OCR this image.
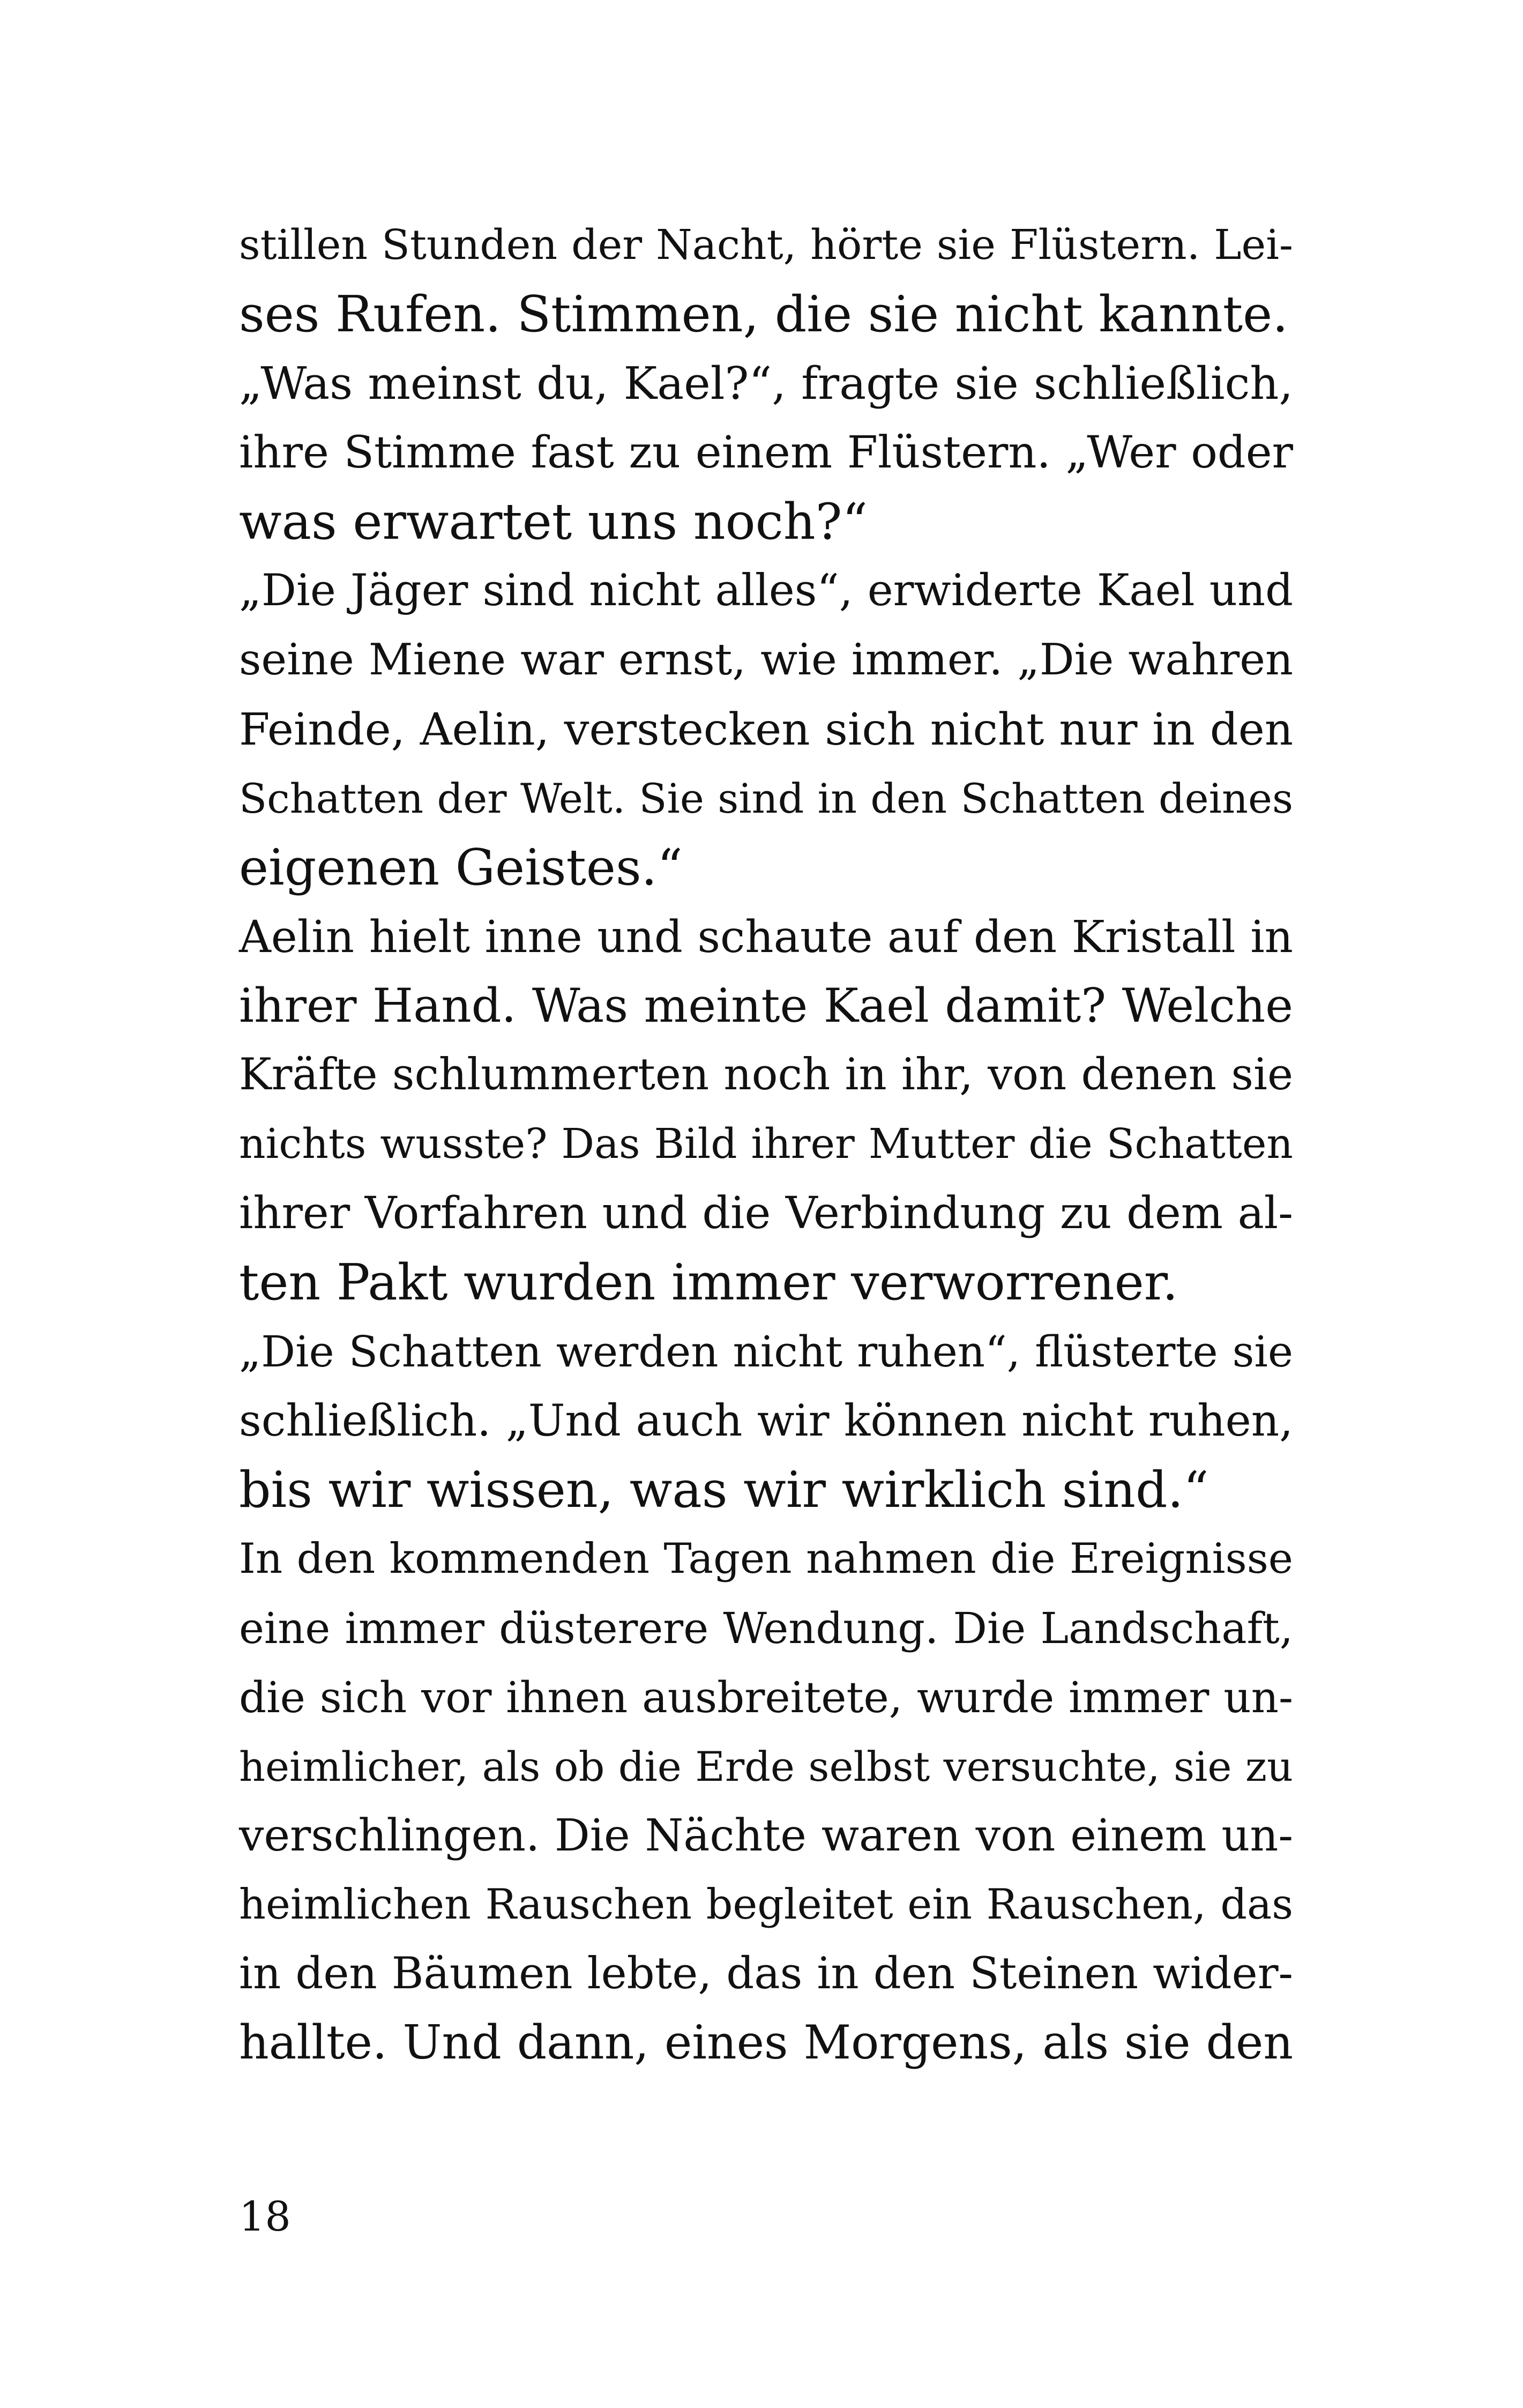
stillen Stunden der Nacht, hörte sie Flüstern. Lei-
ses Rufen. Stimmen, die sie nicht kannte.
„Was meinst du, Kael?“, fragte sie schließlich,
ihre Stimme fast zu einem Flüstern. „Wer oder
was erwartet uns noch?“
„Die Jäger sind nicht alles“, erwiderte Kael und
seine Miene war ernst, wie immer. „Die wahren
Feinde, Aelin, verstecken sich nicht nur in den
Schatten der Welt. Sie sind in den Schatten deines
eigenen Geistes.“
Aelin hielt inne und schaute auf den Kristall in
ihrer Hand. Was meinte Kael damit? Welche
Kräfte schlummerten noch in ihr, von denen sie
nichts wusste? Das Bild ihrer Mutter die Schatten
ihrer Vorfahren und die Verbindung zu dem al-
ten Pakt wurden immer verworrener.
„Die Schatten werden nicht ruhen“, flüsterte sie
schließlich. „Und auch wir können nicht ruhen,
bis wir wissen, was wir wirklich sind.“
In den kommenden Tagen nahmen die Ereignisse
eine immer düsterere Wendung. Die Landschaft,
die sich vor ihnen ausbreitete, wurde immer un-
heimlicher, als ob die Erde selbst versuchte, sie zu
verschlingen. Die Nächte waren von einem un-
heimlichen Rauschen begleitet ein Rauschen, das
in den Bäumen lebte, das in den Steinen wider-
hallte. Und dann, eines Morgens, als sie den
18
